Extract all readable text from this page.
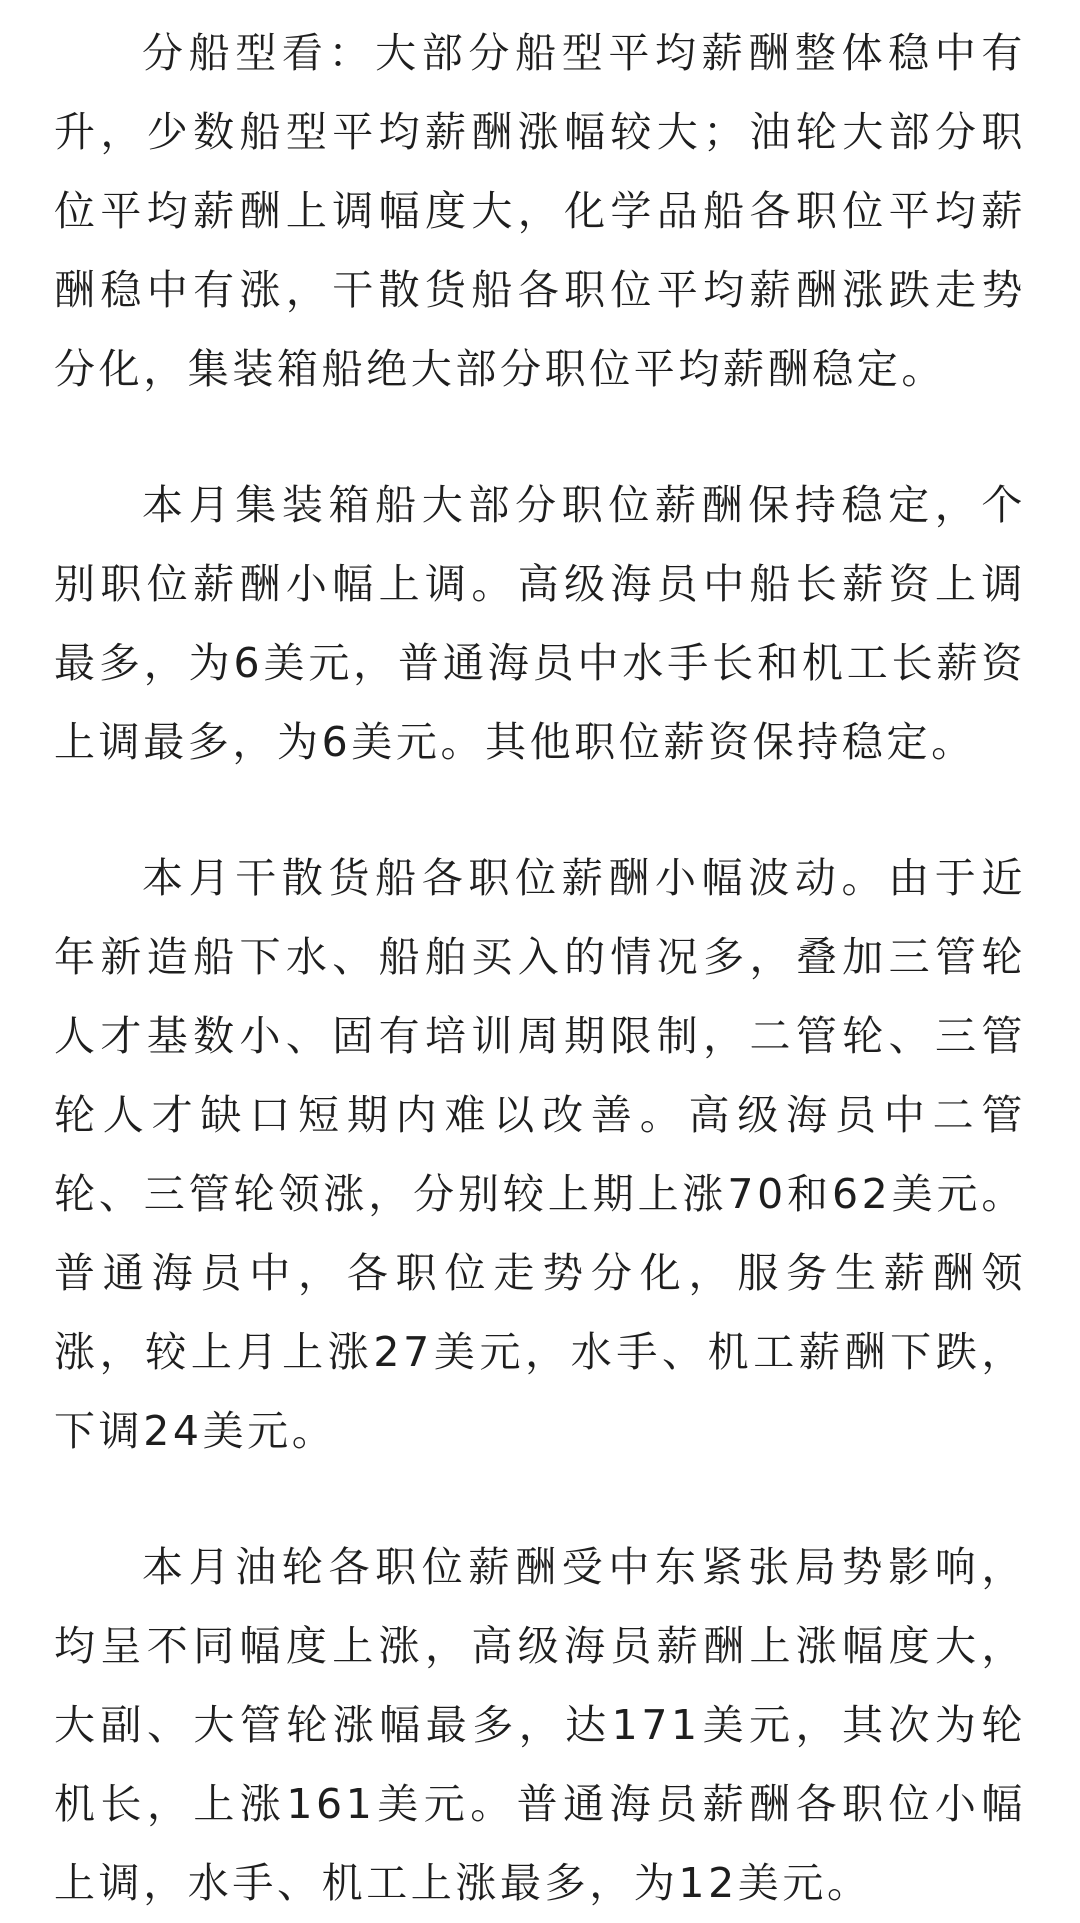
分船型看：大部分船型平均薪酬整体稳中有升，少数船型平均薪酬涨幅较大；油轮大部分职位平均薪酬上调幅度大，化学品船各职位平均薪酬稳中有涨，干散货船各职位平均薪酬涨跌走势分化，集装箱船绝大部分职位平均薪酬稳定。

本月集装箱船大部分职位薪酬保持稳定，个别职位薪酬小幅上调。高级海员中船长薪资上调最多，为6美元，普通海员中水手长和机工长薪资上调最多，为6美元。其他职位薪资保持稳定。

本月干散货船各职位薪酬小幅波动。由于近年新造船下水、船舶买入的情况多，叠加三管轮人才基数小、固有培训周期限制，二管轮、三管轮人才缺口短期内难以改善。高级海员中二管轮、三管轮领涨，分别较上期上涨70和62美元。普通海员中，各职位走势分化，服务生薪酬领涨，较上月上涨27美元，水手、机工薪酬下跌，下调24美元。

本月油轮各职位薪酬受中东紧张局势影响，均呈不同幅度上涨，高级海员薪酬上涨幅度大，大副、大管轮涨幅最多，达171美元，其次为轮机长，上涨161美元。普通海员薪酬各职位小幅上调，水手、机工上涨最多，为12美元。
